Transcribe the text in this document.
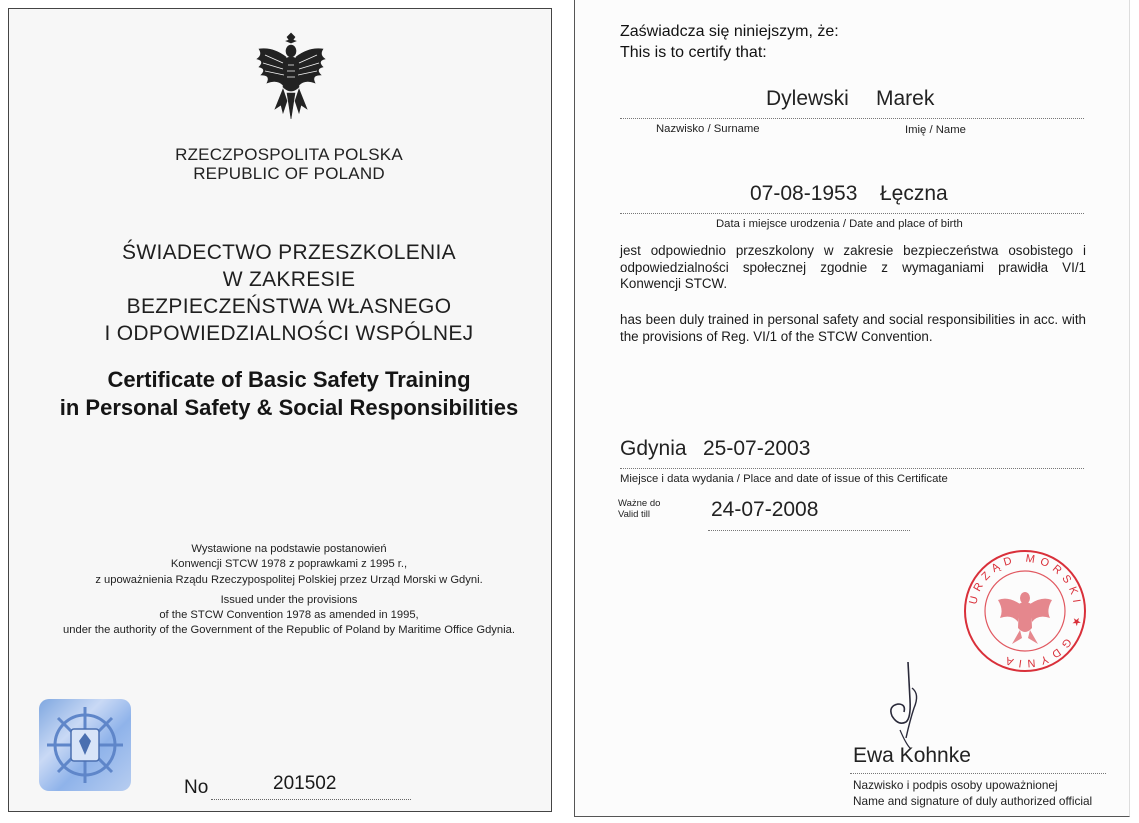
RZECZPOSPOLITA POLSKA
REPUBLIC OF POLAND
ŚWIADECTWO PRZESZKOLENIA
W ZAKRESIE
BEZPIECZEŃSTWA WŁASNEGO
I ODPOWIEDZIALNOŚCI WSPÓLNEJ
Certificate of Basic Safety Training
in Personal Safety & Social Responsibilities
Wystawione na podstawie postanowień
Konwencji STCW 1978 z poprawkami z 1995 r.,
z upoważnienia Rządu Rzeczypospolitej Polskiej przez Urząd Morski w Gdyni.
Issued under the provisions
of the STCW Convention 1978 as amended in 1995,
under the authority of the Government of the Republic of Poland by Maritime Office Gdynia.
No	201502
Zaświadcza się niniejszym, że:
This is to certify that:
Dylewski Marek
Nazwisko / Surname	Imię / Name
07-08-1953 Łęczna
Data i miejsce urodzenia / Date and place of birth
jest odpowiednio przeszkolony w zakresie bezpieczeństwa osobistego i odpowiedzialności społecznej zgodnie z wymaganiami prawidła VI/1 Konwencji STCW.
has been duly trained in personal safety and social responsibilities in acc. with the provisions of Reg. VI/1 of the STCW Convention.
Gdynia 25-07-2003
Miejsce i data wydania / Place and date of issue of this Certificate
Ważne do
Valid till	24-07-2008
URZĄD MORSKI ★ GDYNIA
Ewa Kohnke
Nazwisko i podpis osoby upoważnionej
Name and signature of duly authorized official
